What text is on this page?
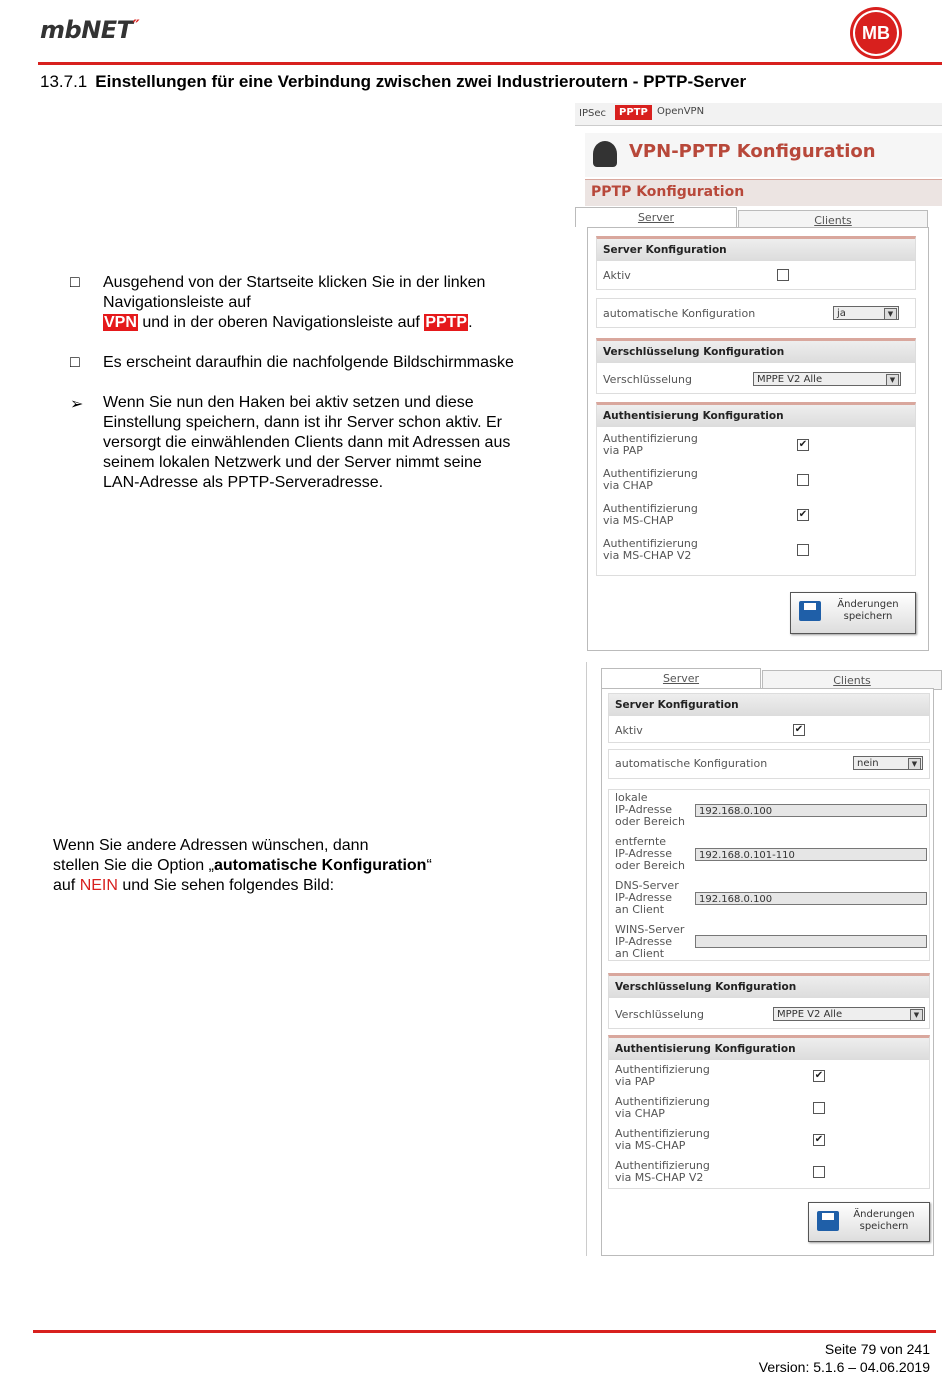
mbNET″	MB
13.7.1 Einstellungen für eine Verbindung zwischen zwei Industrieroutern - PPTP-Server
□ Ausgehend von der Startseite klicken Sie in der linken
Navigationsleiste auf
VPN und in der oberen Navigationsleiste auf PPTP.
□ Es erscheint daraufhin die nachfolgende Bildschirmmaske
➢ Wenn Sie nun den Haken bei aktiv setzen und diese
Einstellung speichern, dann ist ihr Server schon aktiv. Er
versorgt die einwählenden Clients dann mit Adressen aus
seinem lokalen Netzwerk und der Server nimmt seine
LAN-Adresse als PPTP-Serveradresse.
Wenn Sie andere Adressen wünschen, dann
stellen Sie die Option „automatische Konfiguration“
auf NEIN und Sie sehen folgendes Bild:
IPSec	PPTP OpenVPN
VPN-PPTP Konfiguration
PPTP Konfiguration
Server	Clients
Server Konfiguration
Aktiv
automatische Konfiguration	ja	▼
Verschlüsselung Konfiguration
Verschlüsselung	MPPE V2 Alle	▼
Authentisierung Konfiguration
Authentifizierung
via PAP	✔
Authentifizierung
via CHAP
Authentifizierung
via MS-CHAP	✔
Authentifizierung
via MS-CHAP V2
Änderungen
speichern
Server	Clients
Server Konfiguration
Aktiv	✔
automatische Konfiguration	nein	▼
lokale
IP-Adresse
oder Bereich
192.168.0.100
entfernte
IP-Adresse
oder Bereich
192.168.0.101-110
DNS-Server
IP-Adresse
an Client
192.168.0.100
WINS-Server
IP-Adresse
an Client
Verschlüsselung Konfiguration
Verschlüsselung	MPPE V2 Alle	▼
Authentisierung Konfiguration
Authentifizierung
via PAP	✔
Authentifizierung
via CHAP
Authentifizierung
via MS-CHAP	✔
Authentifizierung
via MS-CHAP V2
Änderungen
speichern
Seite 79 von 241
Version: 5.1.6 – 04.06.2019
